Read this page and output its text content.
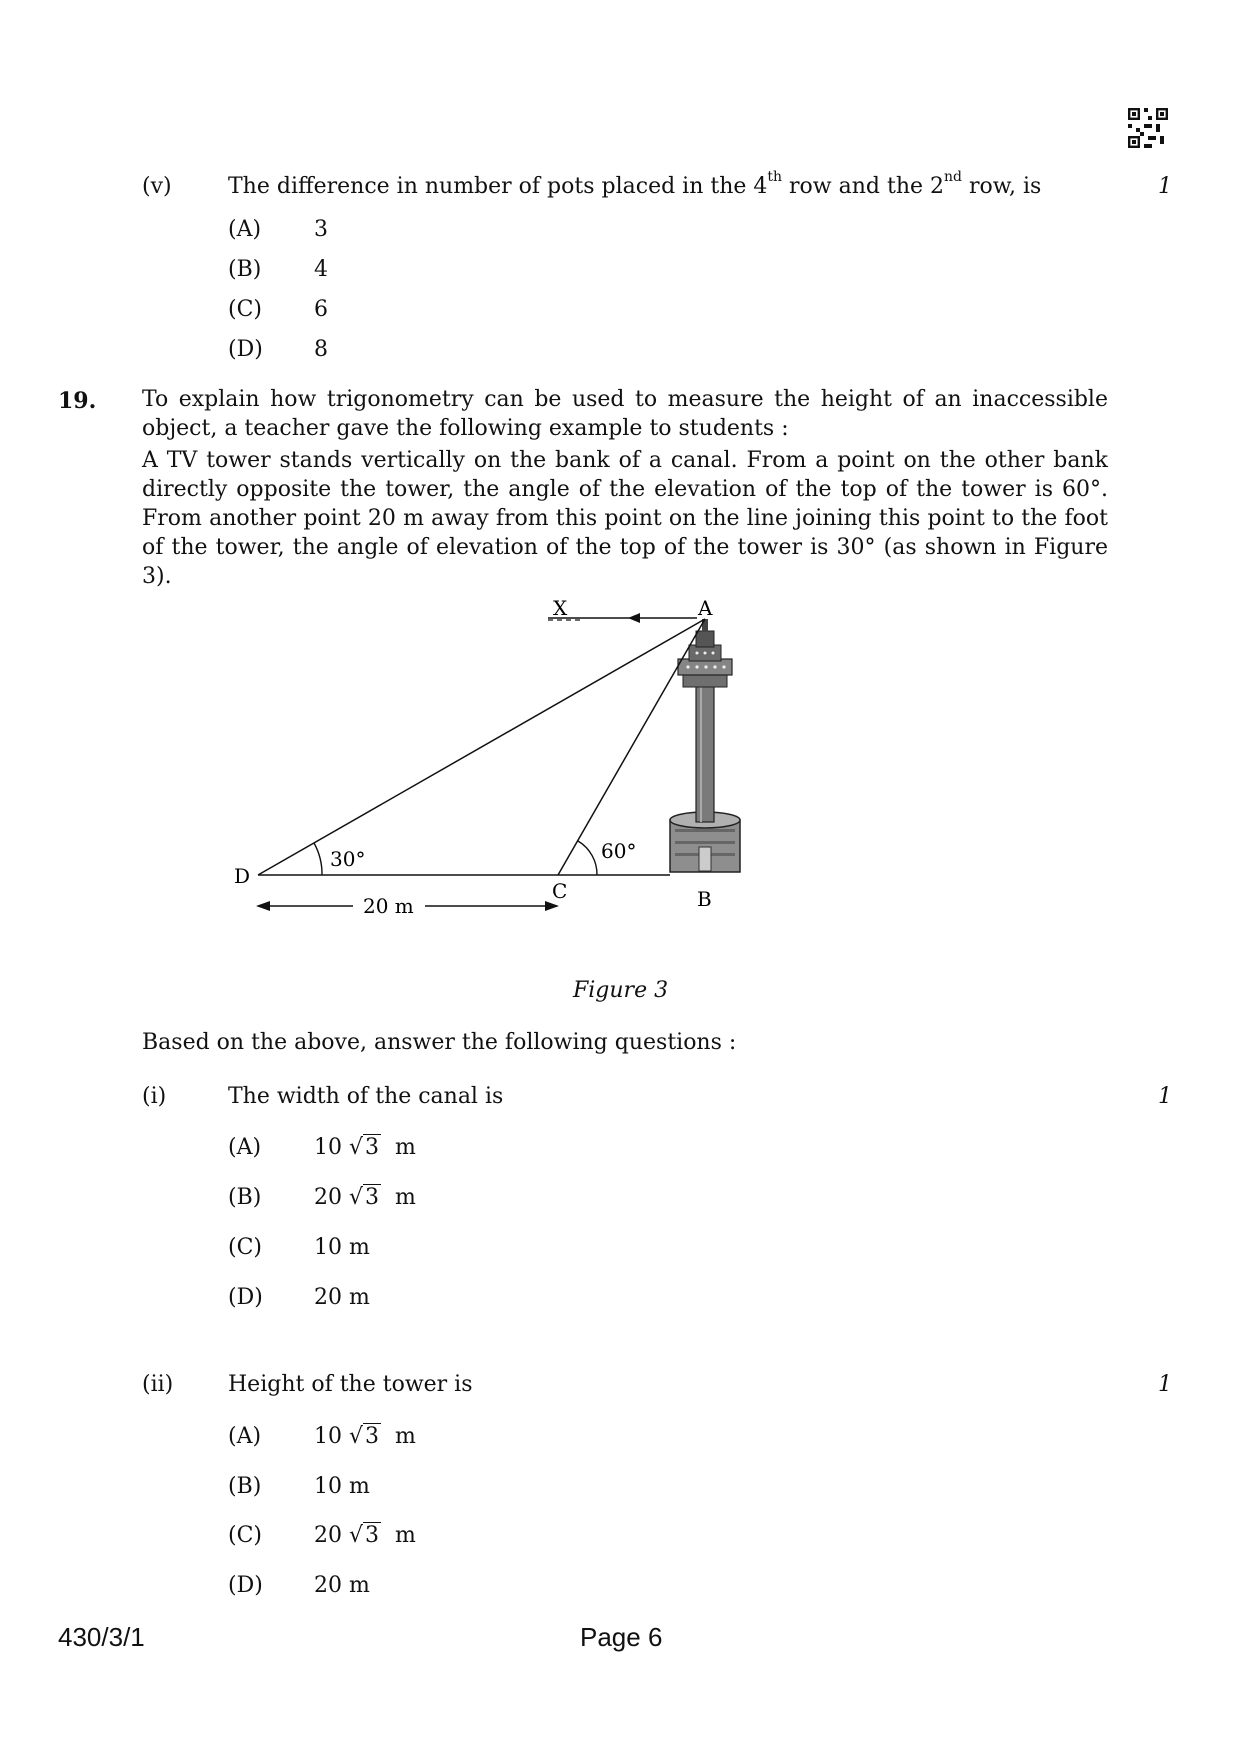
(v)	The difference in number of pots placed in the 4th row and the 2nd row, is	1
(A) 3
(B) 4
(C) 6
(D) 8
19. To explain how trigonometry can be used to measure the height of an inaccessible object, a teacher gave the following example to students :
A TV tower stands vertically on the bank of a canal. From a point on the other bank directly opposite the tower, the angle of the elevation of the top of the tower is 60°. From another point 20 m away from this point on the line joining this point to the foot of the tower, the angle of elevation of the top of the tower is 30° (as shown in Figure 3).
X	A
B
C
D
30°	60°
20 m
Figure 3
Based on the above, answer the following questions :
(i)	The width of the canal is	1
(A) 10 √3 m
(B) 20 √3 m
(C) 10 m
(D) 20 m
(ii) Height of the tower is	1
(A) 10 √3 m
(B) 10 m
(C) 20 √3 m
(D) 20 m
430/3/1	Page 6
